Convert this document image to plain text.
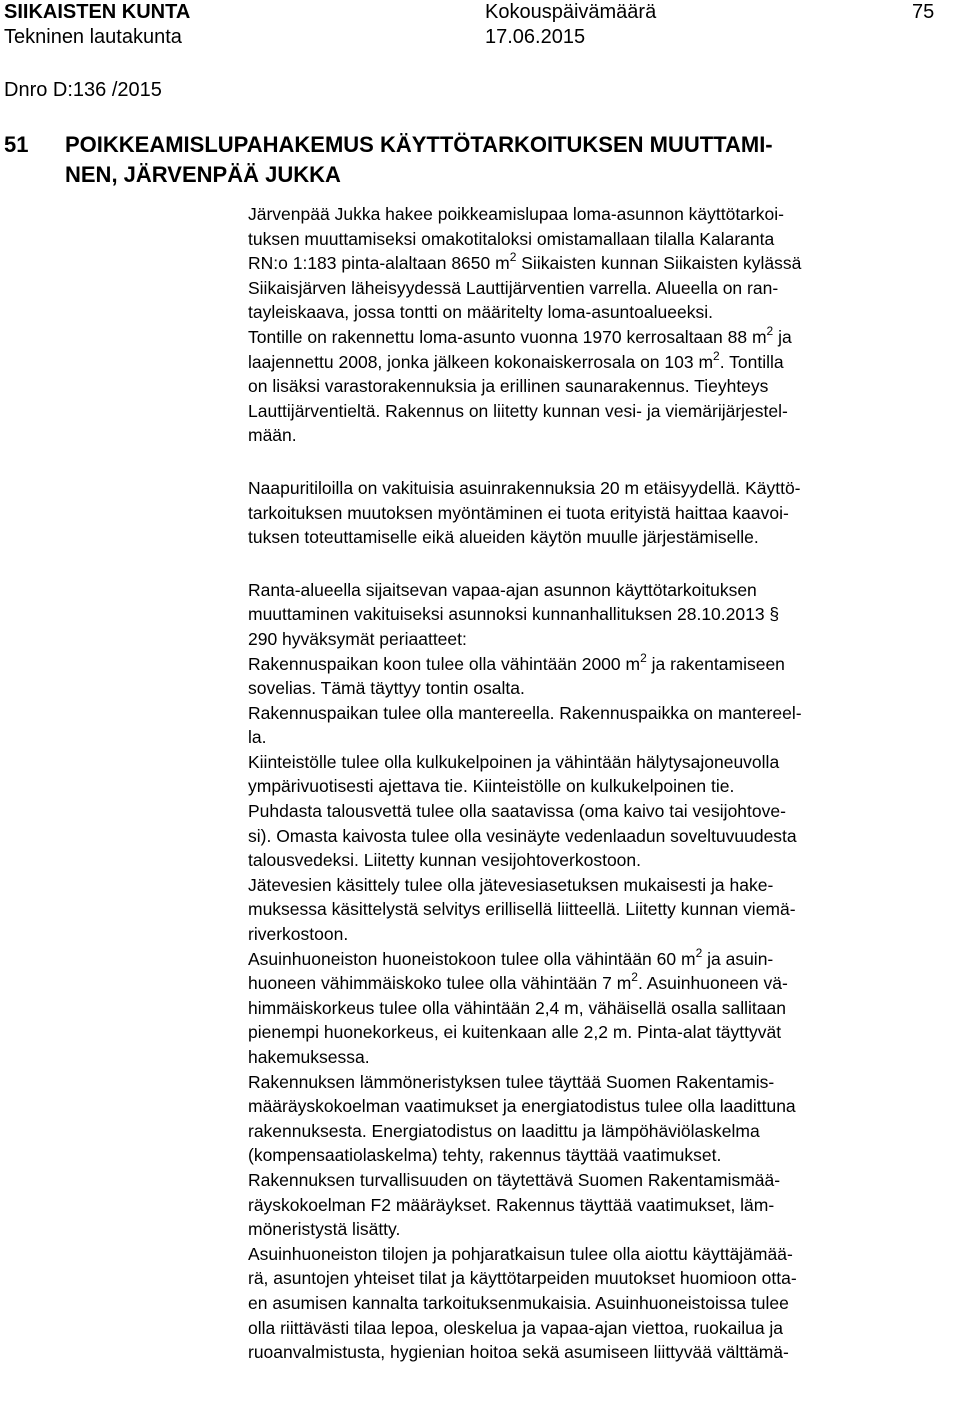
SIIKAISTEN KUNTA
Tekninen lautakunta
Kokouspäivämäärä
17.06.2015
75
Dnro D:136 /2015
51 POIKKEAMISLUPAHAKEMUS KÄYTTÖTARKOITUKSEN MUUTTAMI-
NEN, JÄRVENPÄÄ JUKKA
Järvenpää Jukka hakee poikkeamislupaa loma-asunnon käyttötarkoi-
tuksen muuttamiseksi omakotitaloksi omistamallaan tilalla Kalaranta
RN:o 1:183 pinta-alaltaan 8650 $m^2$ Siikaisten kunnan Siikaisten kylässä
Siikaisjärven läheisyydessä Lauttijärventien varrella. Alueella on ran-
tayleiskaava, jossa tontti on määritelty loma-asuntoalueeksi.
Tontille on rakennettu loma-asunto vuonna 1970 kerrosaltaan 88 $m^2$ ja
laajennettu 2008, jonka jälkeen kokonaiskerrosala on 103 $m^2$. Tontilla
on lisäksi varastorakennuksia ja erillinen saunarakennus. Tieyhteys
Lauttijärventieltä. Rakennus on liitetty kunnan vesi- ja viemärijärjestel-
mään.
Naapuritiloilla on vakituisia asuinrakennuksia 20 m etäisyydellä. Käyttö-
tarkoituksen muutoksen myöntäminen ei tuota erityistä haittaa kaavoi-
tuksen toteuttamiselle eikä alueiden käytön muulle järjestämiselle.
Ranta-alueella sijaitsevan vapaa-ajan asunnon käyttötarkoituksen
muuttaminen vakituiseksi asunnoksi kunnanhallituksen 28.10.2013 §
290 hyväksymät periaatteet:
Rakennuspaikan koon tulee olla vähintään 2000 $m^2$ ja rakentamiseen
sovelias. Tämä täyttyy tontin osalta.
Rakennuspaikan tulee olla mantereella. Rakennuspaikka on mantereel-
la.
Kiinteistölle tulee olla kulkukelpoinen ja vähintään hälytysajoneuvolla
ympärivuotisesti ajettava tie. Kiinteistölle on kulkukelpoinen tie.
Puhdasta talousvettä tulee olla saatavissa (oma kaivo tai vesijohtove-
si). Omasta kaivosta tulee olla vesinäyte vedenlaadun soveltuvuudesta
talousvedeksi. Liitetty kunnan vesijohtoverkostoon.
Jätevesien käsittely tulee olla jätevesiasetuksen mukaisesti ja hake-
muksessa käsittelystä selvitys erillisellä liitteellä. Liitetty kunnan viemä-
riverkostoon.
Asuinhuoneiston huoneistokoon tulee olla vähintään 60 $m^2$ ja asuin-
huoneen vähimmäiskoko tulee olla vähintään 7 $m^2$. Asuinhuoneen vä-
himmäiskorkeus tulee olla vähintään 2,4 m, vähäisellä osalla sallitaan
pienempi huonekorkeus, ei kuitenkaan alle 2,2 m. Pinta-alat täyttyvät
hakemuksessa.
Rakennuksen lämmöneristyksen tulee täyttää Suomen Rakentamis-
määräyskokoelman vaatimukset ja energiatodistus tulee olla laadittuna
rakennuksesta. Energiatodistus on laadittu ja lämpöhäviölaskelma
(kompensaatiolaskelma) tehty, rakennus täyttää vaatimukset.
Rakennuksen turvallisuuden on täytettävä Suomen Rakentamismää-
räyskokoelman F2 määräykset. Rakennus täyttää vaatimukset, läm-
möneristystä lisätty.
Asuinhuoneiston tilojen ja pohjaratkaisun tulee olla aiottu käyttäjämää-
rä, asuntojen yhteiset tilat ja käyttötarpeiden muutokset huomioon otta-
en asumisen kannalta tarkoituksenmukaisia. Asuinhuoneistoissa tulee
olla riittävästi tilaa lepoa, oleskelua ja vapaa-ajan viettoa, ruokailua ja
ruoanvalmistusta, hygienian hoitoa sekä asumiseen liittyvää välttämä-
